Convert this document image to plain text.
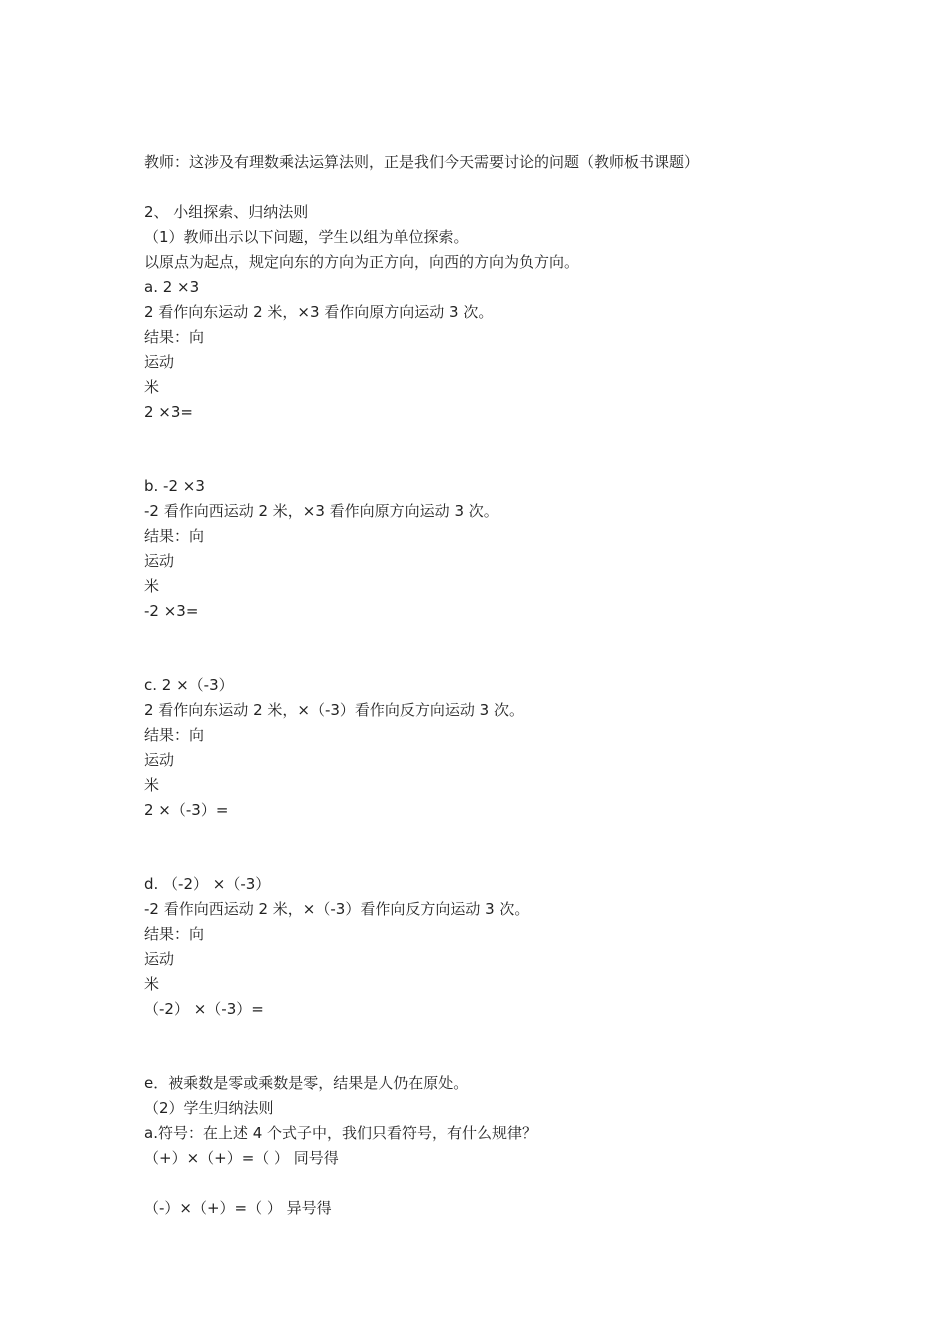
教师：这涉及有理数乘法运算法则，正是我们今天需要讨论的问题（教师板书课题）
2、 小组探索、归纳法则
（1）教师出示以下问题，学生以组为单位探索。
以原点为起点，规定向东的方向为正方向，向西的方向为负方向。
a. 2 ×3
2 看作向东运动 2 米，×3 看作向原方向运动 3 次。
结果：向
运动
米
2 ×3=
b. -2 ×3
-2 看作向西运动 2 米，×3 看作向原方向运动 3 次。
结果：向
运动
米
-2 ×3=
c. 2 ×（-3）
2 看作向东运动 2 米，×（-3）看作向反方向运动 3 次。
结果：向
运动
米
2 ×（-3）=
d. （-2） ×（-3）
-2 看作向西运动 2 米，×（-3）看作向反方向运动 3 次。
结果：向
运动
米
（-2） ×（-3）=
e．被乘数是零或乘数是零，结果是人仍在原处。
（2）学生归纳法则
a.符号：在上述 4 个式子中，我们只看符号，有什么规律？
（+）×（+）=（ ） 同号得
（-）×（+）=（ ） 异号得
